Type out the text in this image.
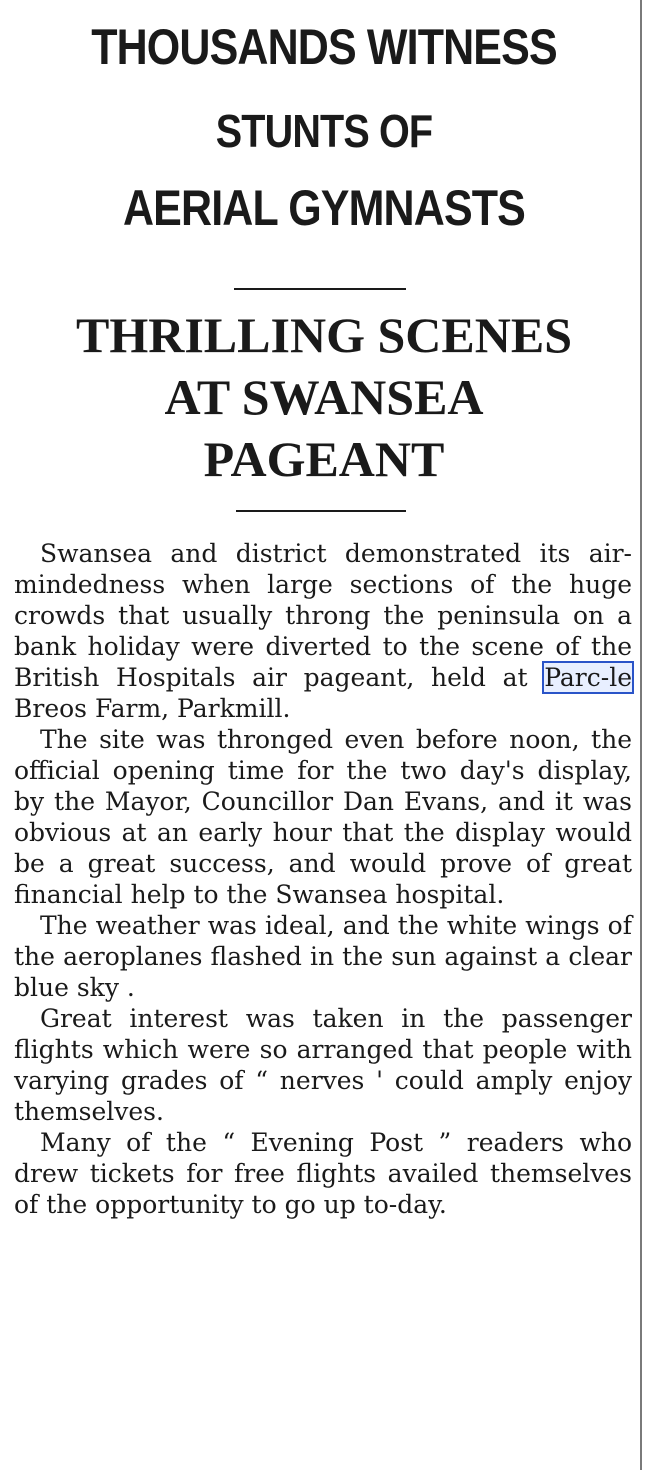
THOUSANDS WITNESS
STUNTS OF
AERIAL GYMNASTS
THRILLING SCENES
AT SWANSEA
PAGEANT

Swansea and district demonstrated its air-mindedness when large sections of the huge crowds that usually throng the peninsula on a bank holiday were diverted to the scene of the British Hospitals air pageant, held at Parc-le Breos Farm, Parkmill.

The site was thronged even before noon, the official opening time for the two day's display, by the Mayor, Councillor Dan Evans, and it was obvious at an early hour that the display would be a great success, and would prove of great financial help to the Swansea hospital.

The weather was ideal, and the white wings of the aeroplanes flashed in the sun against a clear blue sky .

Great interest was taken in the passenger flights which were so arranged that people with varying grades of “ nerves ' could amply enjoy themselves.

Many of the “ Evening Post ” readers who drew tickets for free flights availed themselves of the opportunity to go up to-day.
